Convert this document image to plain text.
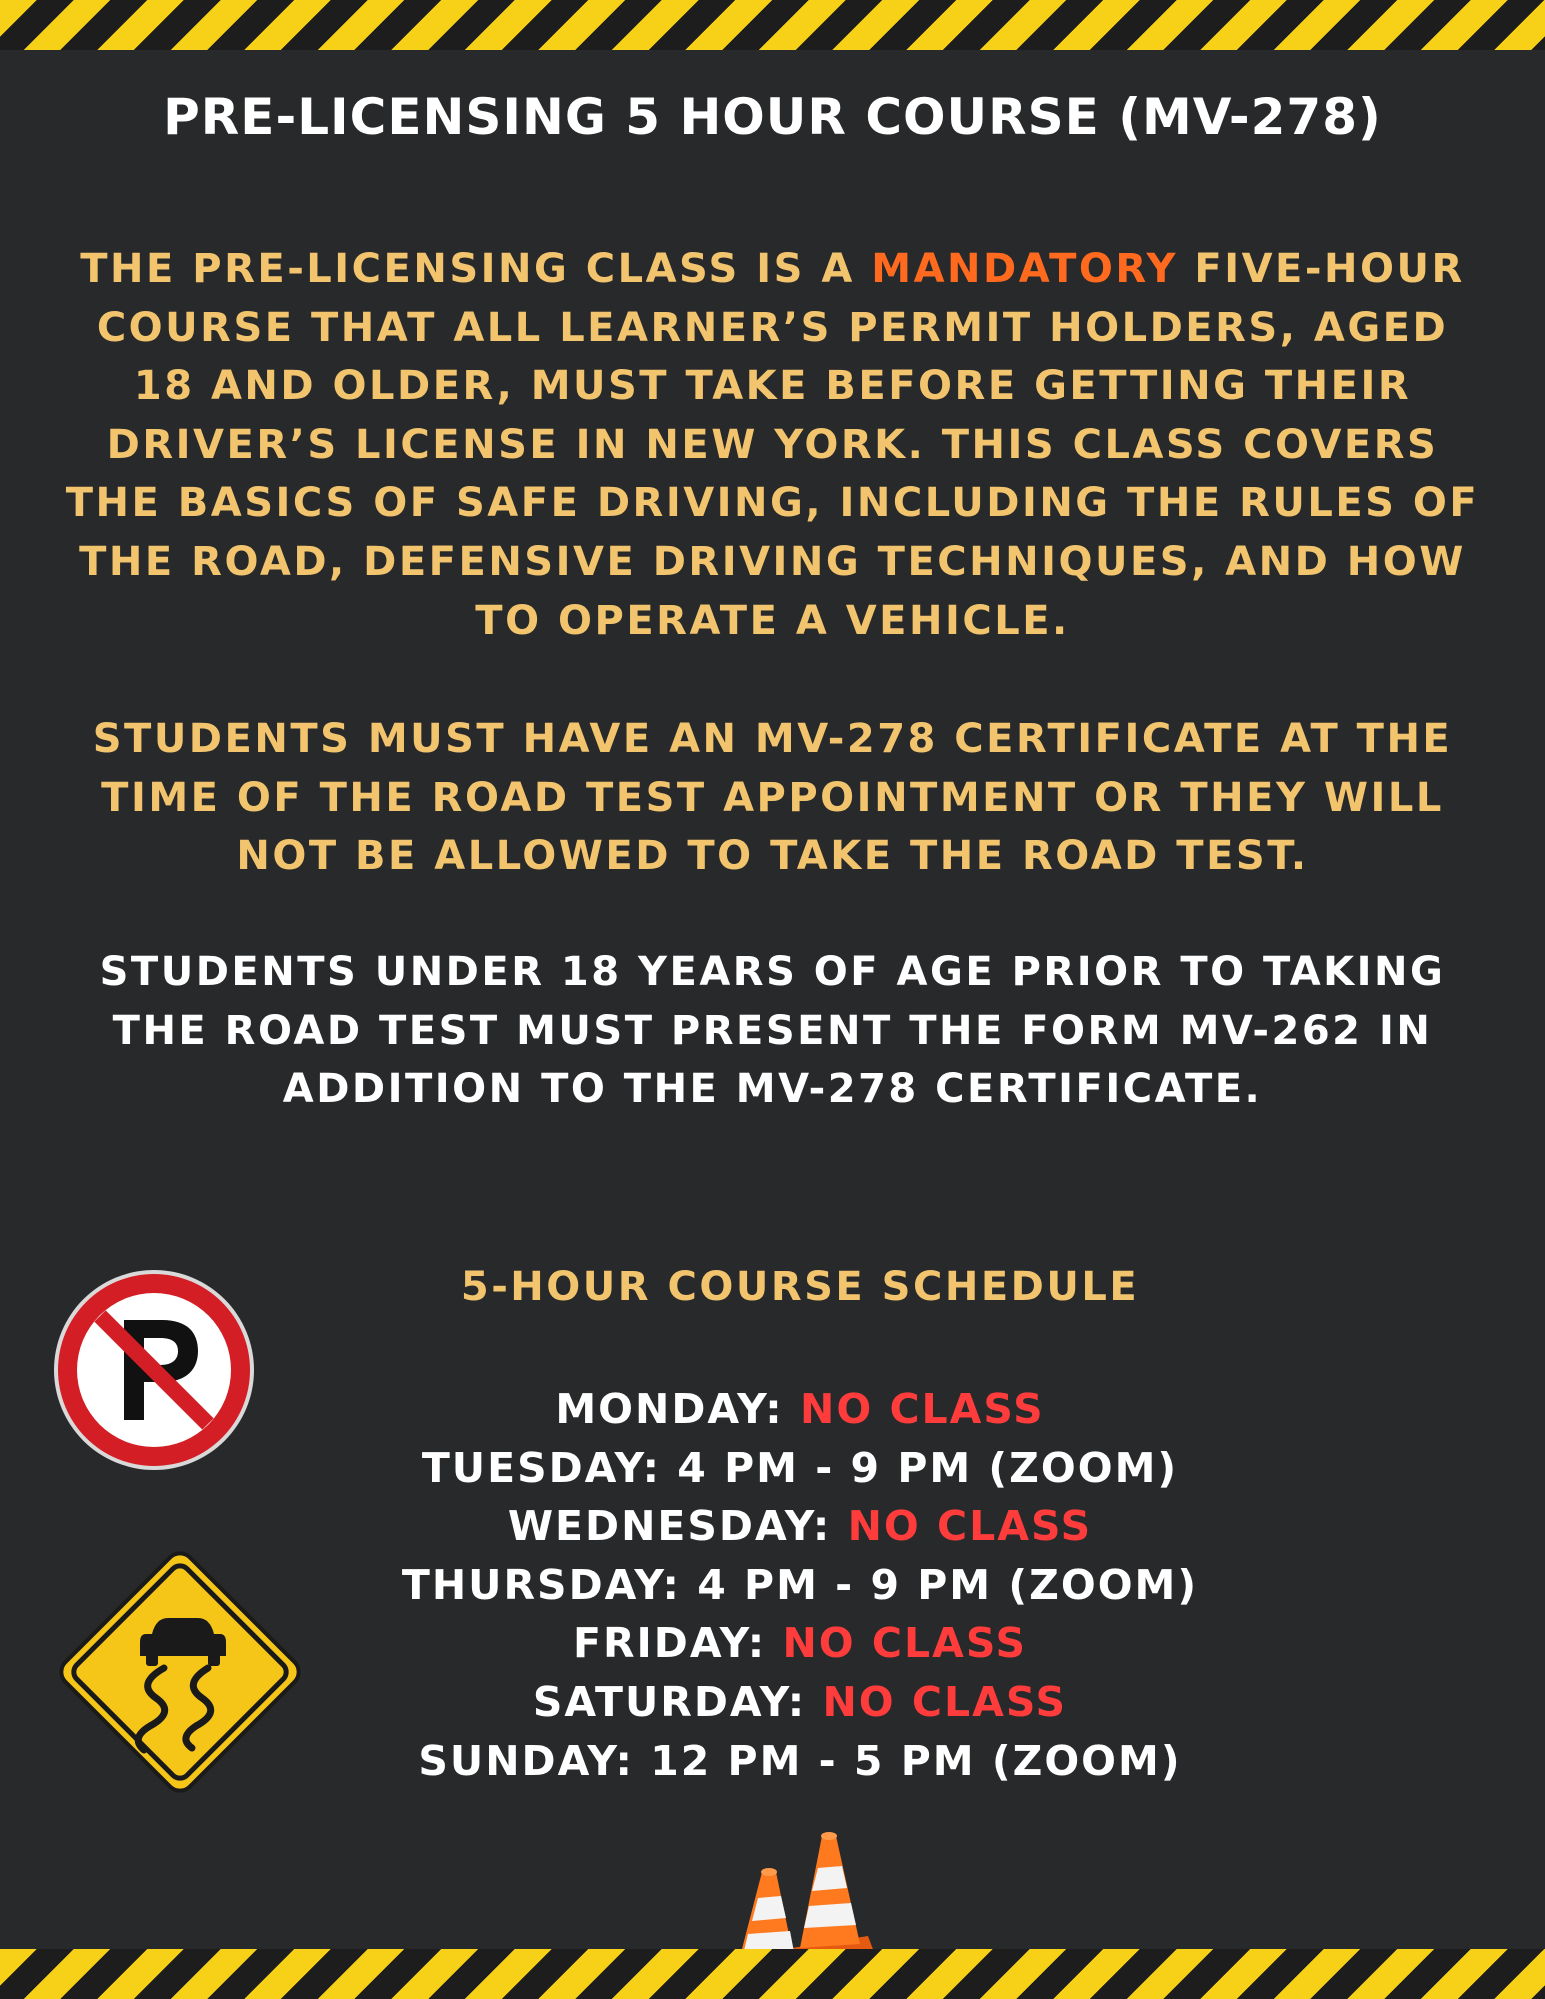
PRE-LICENSING 5 HOUR COURSE (MV-278)
THE PRE-LICENSING CLASS IS A MANDATORY FIVE-HOUR COURSE THAT ALL LEARNER’S PERMIT HOLDERS, AGED 18 AND OLDER, MUST TAKE BEFORE GETTING THEIR DRIVER’S LICENSE IN NEW YORK. THIS CLASS COVERS THE BASICS OF SAFE DRIVING, INCLUDING THE RULES OF THE ROAD, DEFENSIVE DRIVING TECHNIQUES, AND HOW TO OPERATE A VEHICLE.
STUDENTS MUST HAVE AN MV-278 CERTIFICATE AT THE TIME OF THE ROAD TEST APPOINTMENT OR THEY WILL NOT BE ALLOWED TO TAKE THE ROAD TEST.
STUDENTS UNDER 18 YEARS OF AGE PRIOR TO TAKING THE ROAD TEST MUST PRESENT THE FORM MV-262 IN ADDITION TO THE MV-278 CERTIFICATE.
5-HOUR COURSE SCHEDULE
MONDAY: NO CLASS
TUESDAY: 4 PM - 9 PM (ZOOM)
WEDNESDAY: NO CLASS
THURSDAY: 4 PM - 9 PM (ZOOM)
FRIDAY: NO CLASS
SATURDAY: NO CLASS
SUNDAY: 12 PM - 5 PM (ZOOM)
